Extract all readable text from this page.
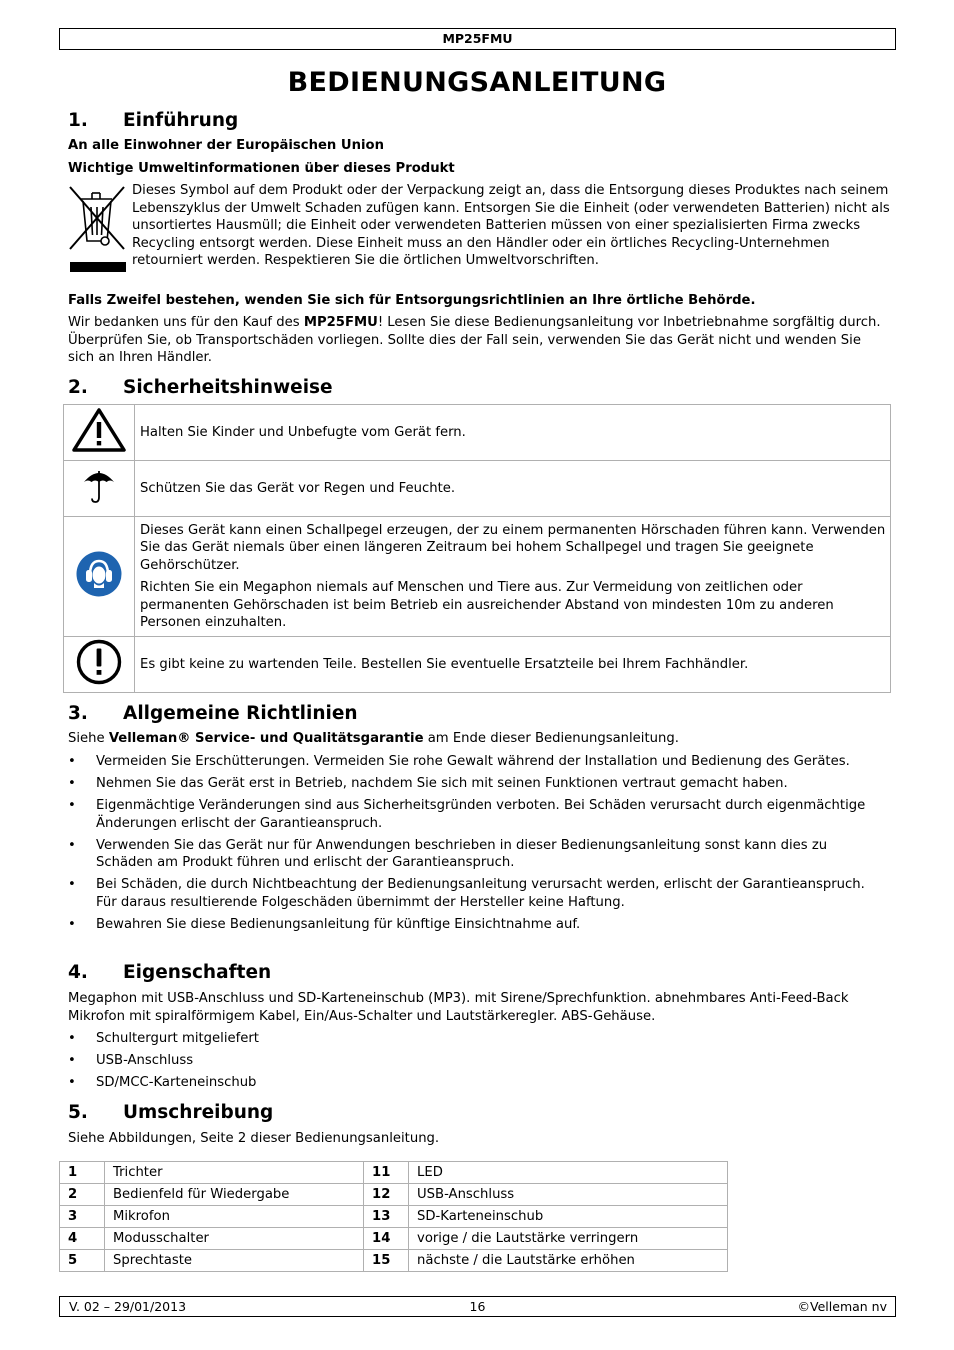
MP25FMU
BEDIENUNGSANLEITUNG
1. Einführung
An alle Einwohner der Europäischen Union
Wichtige Umweltinformationen über dieses Produkt
Dieses Symbol auf dem Produkt oder der Verpackung zeigt an, dass die Entsorgung dieses Produktes nach seinem Lebenszyklus der Umwelt Schaden zufügen kann. Entsorgen Sie die Einheit (oder verwendeten Batterien) nicht als unsortiertes Hausmüll; die Einheit oder verwendeten Batterien müssen von einer spezialisierten Firma zwecks Recycling entsorgt werden. Diese Einheit muss an den Händler oder ein örtliches Recycling-Unternehmen retourniert werden. Respektieren Sie die örtlichen Umweltvorschriften.
Falls Zweifel bestehen, wenden Sie sich für Entsorgungsrichtlinien an Ihre örtliche Behörde.
Wir bedanken uns für den Kauf des MP25FMU! Lesen Sie diese Bedienungsanleitung vor Inbetriebnahme sorgfältig durch. Überprüfen Sie, ob Transportschäden vorliegen. Sollte dies der Fall sein, verwenden Sie das Gerät nicht und wenden Sie sich an Ihren Händler.
2. Sicherheitshinweise
	Halten Sie Kinder und Unbefugte vom Gerät fern.
	Schützen Sie das Gerät vor Regen und Feuchte.

Dieses Gerät kann einen Schallpegel erzeugen, der zu einem permanenten Hörschaden führen kann. Verwenden Sie das Gerät niemals über einen längeren Zeitraum bei hohem Schallpegel und tragen Sie geeignete Gehörschützer.

Richten Sie ein Megaphon niemals auf Menschen und Tiere aus. Zur Vermeidung von zeitlichen oder permanenten Gehörschaden ist beim Betrieb ein ausreichender Abstand von mindesten 10m zu anderen Personen einzuhalten.

	Es gibt keine zu wartenden Teile. Bestellen Sie eventuelle Ersatzteile bei Ihrem Fachhändler.
3. Allgemeine Richtlinien
Siehe Velleman® Service- und Qualitätsgarantie am Ende dieser Bedienungsanleitung.
• Vermeiden Sie Erschütterungen. Vermeiden Sie rohe Gewalt während der Installation und Bedienung des Gerätes.
• Nehmen Sie das Gerät erst in Betrieb, nachdem Sie sich mit seinen Funktionen vertraut gemacht haben.
• Eigenmächtige Veränderungen sind aus Sicherheitsgründen verboten. Bei Schäden verursacht durch eigenmächtige Änderungen erlischt der Garantieanspruch.
• Verwenden Sie das Gerät nur für Anwendungen beschrieben in dieser Bedienungsanleitung sonst kann dies zu Schäden am Produkt führen und erlischt der Garantieanspruch.
• Bei Schäden, die durch Nichtbeachtung der Bedienungsanleitung verursacht werden, erlischt der Garantieanspruch. Für daraus resultierende Folgeschäden übernimmt der Hersteller keine Haftung.
• Bewahren Sie diese Bedienungsanleitung für künftige Einsichtnahme auf.
4. Eigenschaften
Megaphon mit USB-Anschluss und SD-Karteneinschub (MP3). mit Sirene/Sprechfunktion. abnehmbares Anti-Feed-Back Mikrofon mit spiralförmigem Kabel, Ein/Aus-Schalter und Lautstärkeregler. ABS-Gehäuse.
• Schultergurt mitgeliefert
• USB-Anschluss
• SD/MCC-Karteneinschub
5. Umschreibung
Siehe Abbildungen, Seite 2 dieser Bedienungsanleitung.
1	Trichter	11	LED
2	Bedienfeld für Wiedergabe	12	USB-Anschluss
3	Mikrofon	13	SD-Karteneinschub
4	Modusschalter	14	vorige / die Lautstärke verringern
5	Sprechtaste	15	nächste / die Lautstärke erhöhen
V. 02 – 29/01/2013	16	©Velleman nv
